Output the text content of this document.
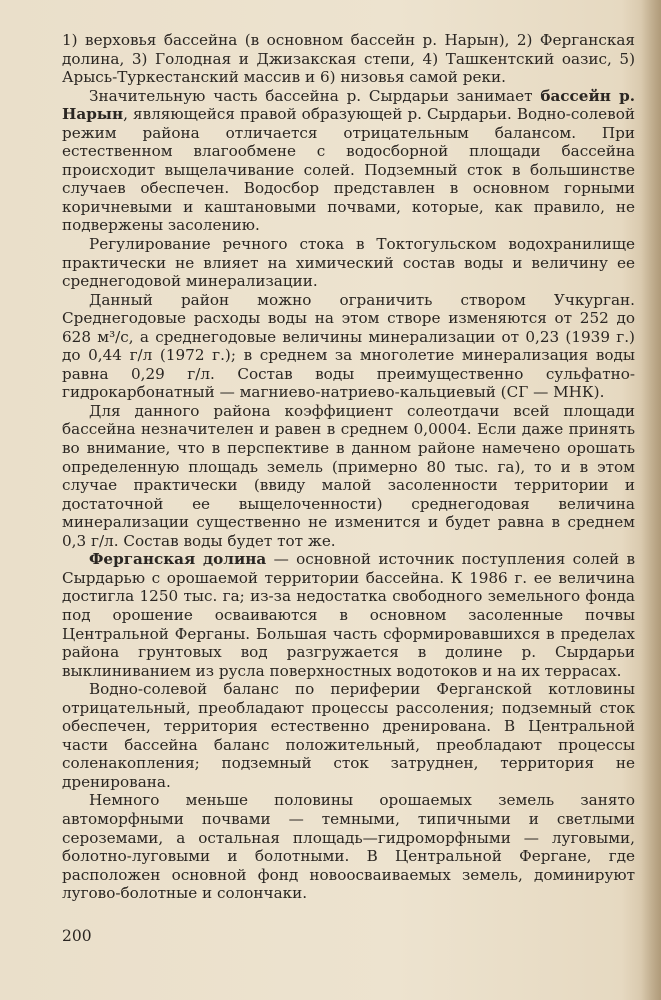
1) верховья бассейна (в основном бассейн р. Нарын), 2) Ферганская долина, 3) Голодная и Джизакская степи, 4) Ташкентский оазис, 5) Арысь-Туркестанский массив и 6) низовья самой реки.

Значительную часть бассейна р. Сырдарьи занимает бассейн р. Нарын, являющейся правой образующей р. Сырдарьи. Водно-солевой режим района отличается отрицательным балансом. При естественном влагообмене с водосборной площади бассейна происходит выщелачивание солей. Подземный сток в большинстве случаев обеспечен. Водосбор представлен в основном горными коричневыми и каштановыми почвами, которые, как правило, не подвержены засолению.

Регулирование речного стока в Токтогульском водохранилище практически не влияет на химический состав воды и величину ее среднегодовой минерализации.

Данный район можно ограничить створом Учкурган. Среднегодовые расходы воды на этом створе изменяются от 252 до 628 м³/с, а среднегодовые величины минерализации от 0,23 (1939 г.) до 0,44 г/л (1972 г.); в среднем за многолетие минерализация воды равна 0,29 г/л. Состав воды преимущественно сульфатно-гидрокарбонатный — магниево-натриево-кальциевый (СГ — МНК).

Для данного района коэффициент солеотдачи всей площади бассейна незначителен и равен в среднем 0,0004. Если даже принять во внимание, что в перспективе в данном районе намечено орошать определенную площадь земель (примерно 80 тыс. га), то и в этом случае практически (ввиду малой засоленности территории и достаточной ее выщелоченности) среднегодовая величина минерализации существенно не изменится и будет равна в среднем 0,3 г/л. Состав воды будет тот же.

Ферганская долина — основной источник поступления солей в Сырдарью с орошаемой территории бассейна. К 1986 г. ее величина достигла 1250 тыс. га; из-за недостатка свободного земельного фонда под орошение осваиваются в основном засоленные почвы Центральной Ферганы. Большая часть сформировавшихся в пределах района грунтовых вод разгружается в долине р. Сырдарьи выклиниванием из русла поверхностных водотоков и на их террасах.

Водно-солевой баланс по периферии Ферганской котловины отрицательный, преобладают процессы рассоления; подземный сток обеспечен, территория естественно дренирована. В Центральной части бассейна баланс положительный, преобладают процессы соленакопления; подземный сток затруднен, территория не дренирована.

Немного меньше половины орошаемых земель занято автоморфными почвами — темными, типичными и светлыми сероземами, а остальная площадь—гидроморфными — луговыми, болотно-луговыми и болотными. В Центральной Фергане, где расположен основной фонд новоосваиваемых земель, доминируют лугово-болотные и солончаки.

200
